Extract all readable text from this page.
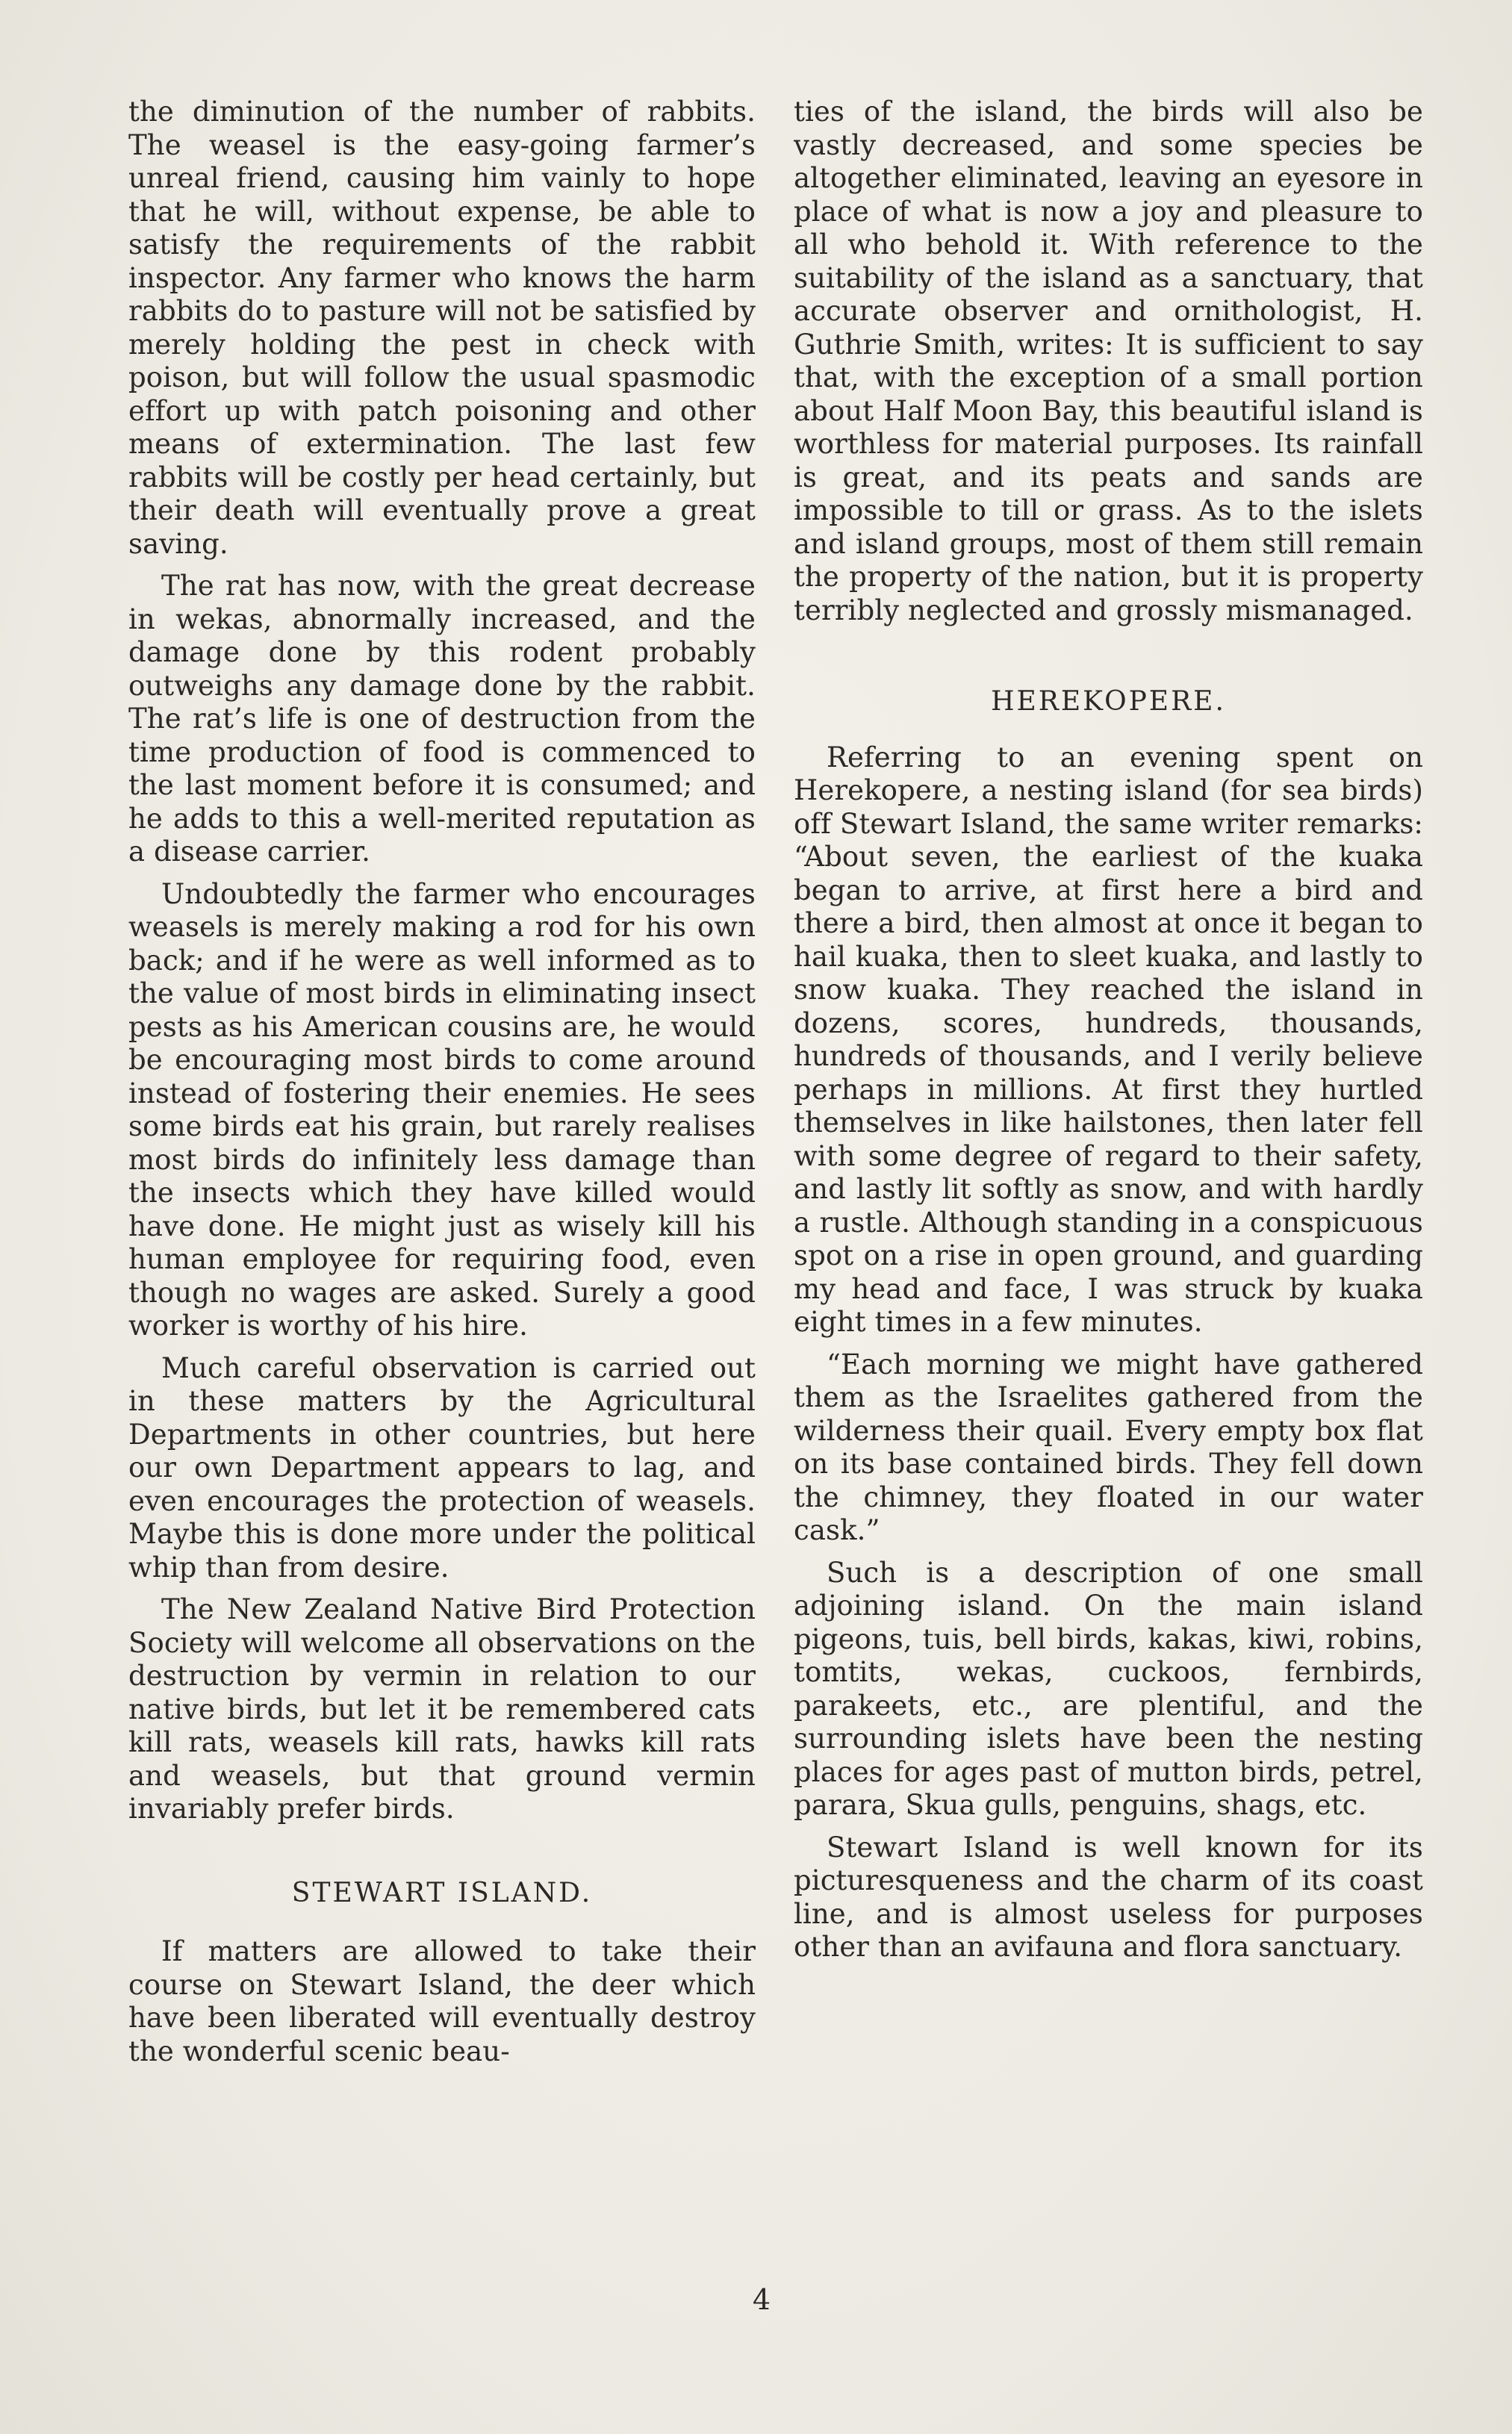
the diminution of the number of rabbits. The weasel is the easy-going farmer’s unreal friend, causing him vainly to hope that he will, without expense, be able to satisfy the requirements of the rabbit inspector. Any farmer who knows the harm rabbits do to pasture will not be satisfied by merely holding the pest in check with poison, but will follow the usual spasmodic effort up with patch poisoning and other means of extermination. The last few rabbits will be costly per head certainly, but their death will eventually prove a great saving.

The rat has now, with the great decrease in wekas, abnormally increased, and the damage done by this rodent probably outweighs any damage done by the rabbit. The rat’s life is one of destruction from the time production of food is commenced to the last moment before it is consumed; and he adds to this a well-merited reputation as a disease carrier.

Undoubtedly the farmer who encourages weasels is merely making a rod for his own back; and if he were as well informed as to the value of most birds in eliminating insect pests as his American cousins are, he would be encouraging most birds to come around instead of fostering their enemies. He sees some birds eat his grain, but rarely realises most birds do infinitely less damage than the insects which they have killed would have done. He might just as wisely kill his human employee for requiring food, even though no wages are asked. Surely a good worker is worthy of his hire.

Much careful observation is carried out in these matters by the Agricultural Departments in other countries, but here our own Department appears to lag, and even encourages the protection of weasels. Maybe this is done more under the political whip than from desire.

The New Zealand Native Bird Protection Society will welcome all observations on the destruction by vermin in relation to our native birds, but let it be remembered cats kill rats, weasels kill rats, hawks kill rats and weasels, but that ground vermin invariably prefer birds.

STEWART ISLAND.

If matters are allowed to take their course on Stewart Island, the deer which have been liberated will eventually destroy the wonderful scenic beau-

ties of the island, the birds will also be vastly decreased, and some species be altogether eliminated, leaving an eyesore in place of what is now a joy and pleasure to all who behold it. With reference to the suitability of the island as a sanctuary, that accurate observer and ornithologist, H. Guthrie Smith, writes: It is sufficient to say that, with the exception of a small portion about Half Moon Bay, this beautiful island is worthless for material purposes. Its rainfall is great, and its peats and sands are impossible to till or grass. As to the islets and island groups, most of them still remain the property of the nation, but it is property terribly neglected and grossly mismanaged.

HEREKOPERE.

Referring to an evening spent on Herekopere, a nesting island (for sea birds) off Stewart Island, the same writer remarks: “About seven, the earliest of the kuaka began to arrive, at first here a bird and there a bird, then almost at once it began to hail kuaka, then to sleet kuaka, and lastly to snow kuaka. They reached the island in dozens, scores, hundreds, thousands, hundreds of thousands, and I verily believe perhaps in millions. At first they hurtled themselves in like hailstones, then later fell with some degree of regard to their safety, and lastly lit softly as snow, and with hardly a rustle. Although standing in a conspicuous spot on a rise in open ground, and guarding my head and face, I was struck by kuaka eight times in a few minutes.

“Each morning we might have gathered them as the Israelites gathered from the wilderness their quail. Every empty box flat on its base contained birds. They fell down the chimney, they floated in our water cask.”

Such is a description of one small adjoining island. On the main island pigeons, tuis, bell birds, kakas, kiwi, robins, tomtits, wekas, cuckoos, fernbirds, parakeets, etc., are plentiful, and the surrounding islets have been the nesting places for ages past of mutton birds, petrel, parara, Skua gulls, penguins, shags, etc.

Stewart Island is well known for its picturesqueness and the charm of its coast line, and is almost useless for purposes other than an avifauna and flora sanctuary.

4
